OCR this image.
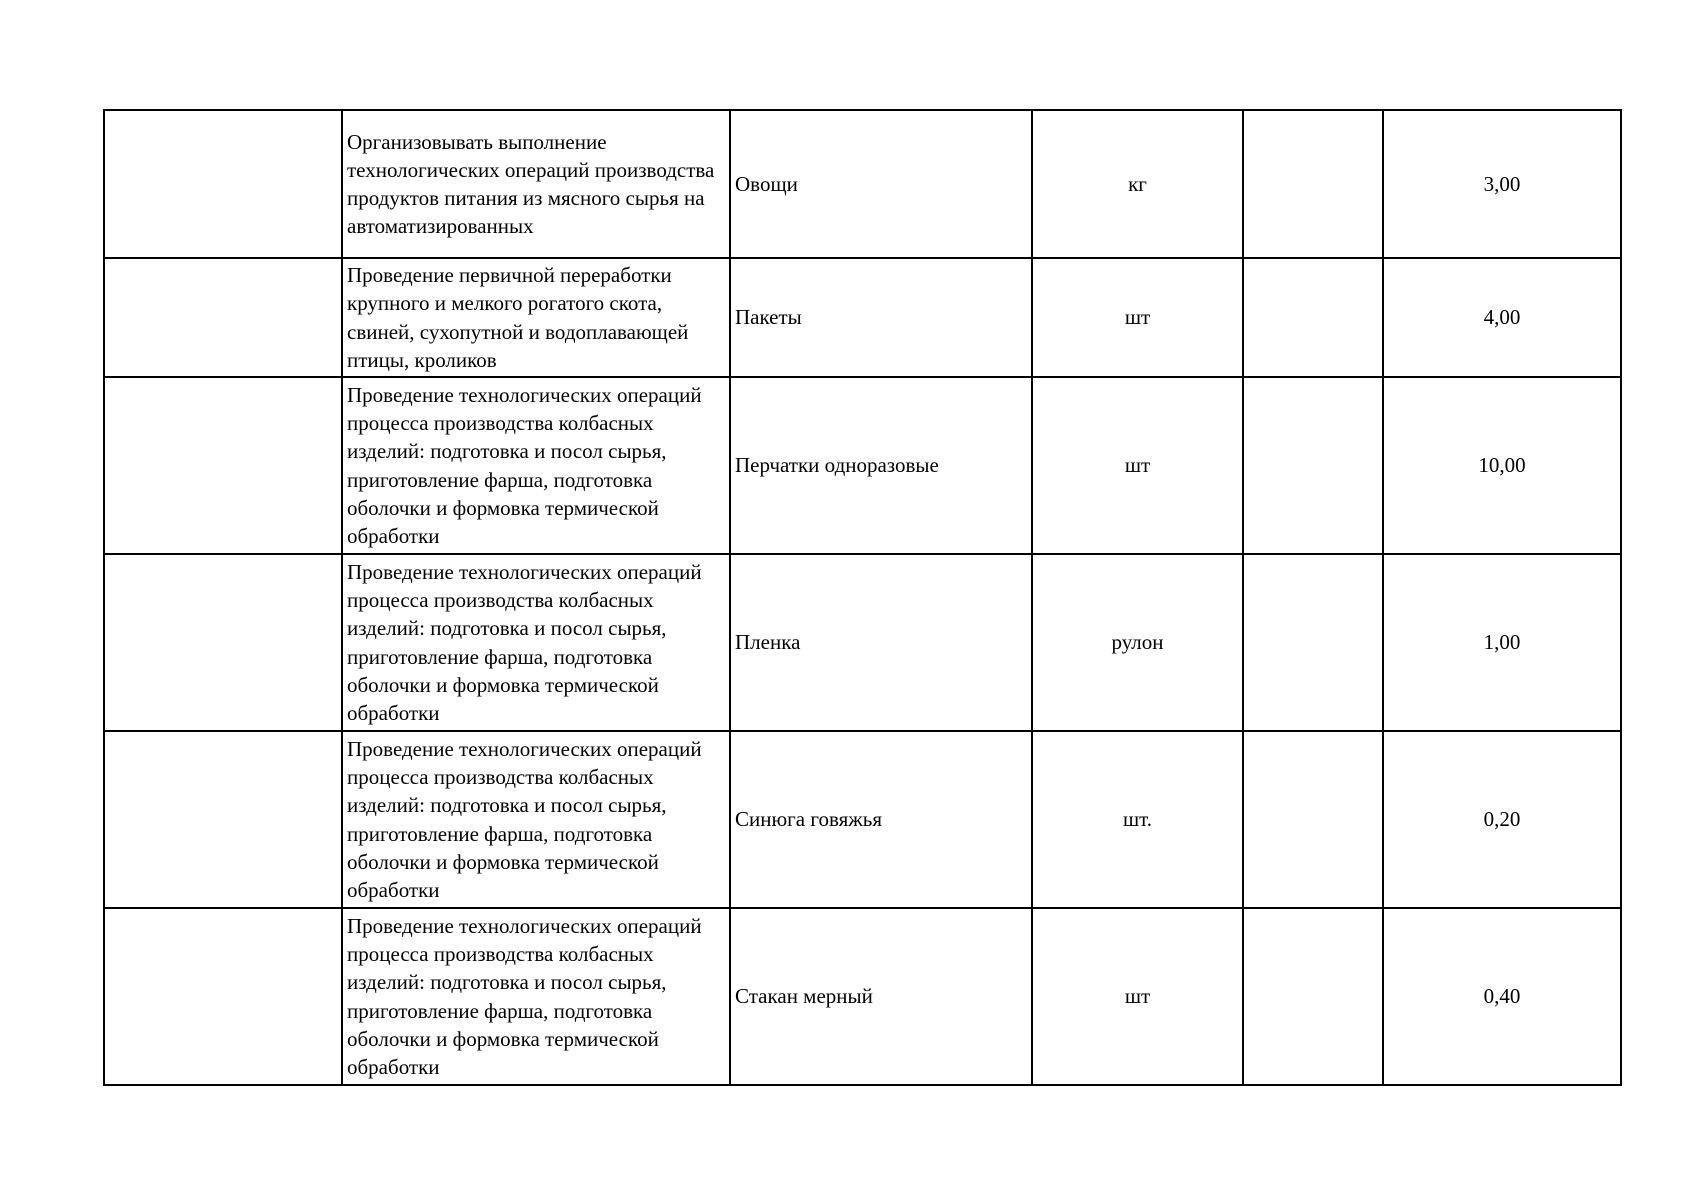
	Организовывать выполнение технологических операций производства продуктов питания из мясного сырья на автоматизированных	Овощи	кг		3,00
	Проведение первичной переработки крупного и мелкого рогатого скота, свиней, сухопутной и водоплавающей птицы, кроликов	Пакеты	шт		4,00
	Проведение технологических операций процесса производства колбасных изделий: подготовка и посол сырья, приготовление фарша, подготовка оболочки и формовка термической обработки	Перчатки одноразовые	шт		10,00
	Проведение технологических операций процесса производства колбасных изделий: подготовка и посол сырья, приготовление фарша, подготовка оболочки и формовка термической обработки	Пленка	рулон		1,00
	Проведение технологических операций процесса производства колбасных изделий: подготовка и посол сырья, приготовление фарша, подготовка оболочки и формовка термической обработки	Синюга говяжья	шт.		0,20
	Проведение технологических операций процесса производства колбасных изделий: подготовка и посол сырья, приготовление фарша, подготовка оболочки и формовка термической обработки	Стакан мерный	шт		0,40
